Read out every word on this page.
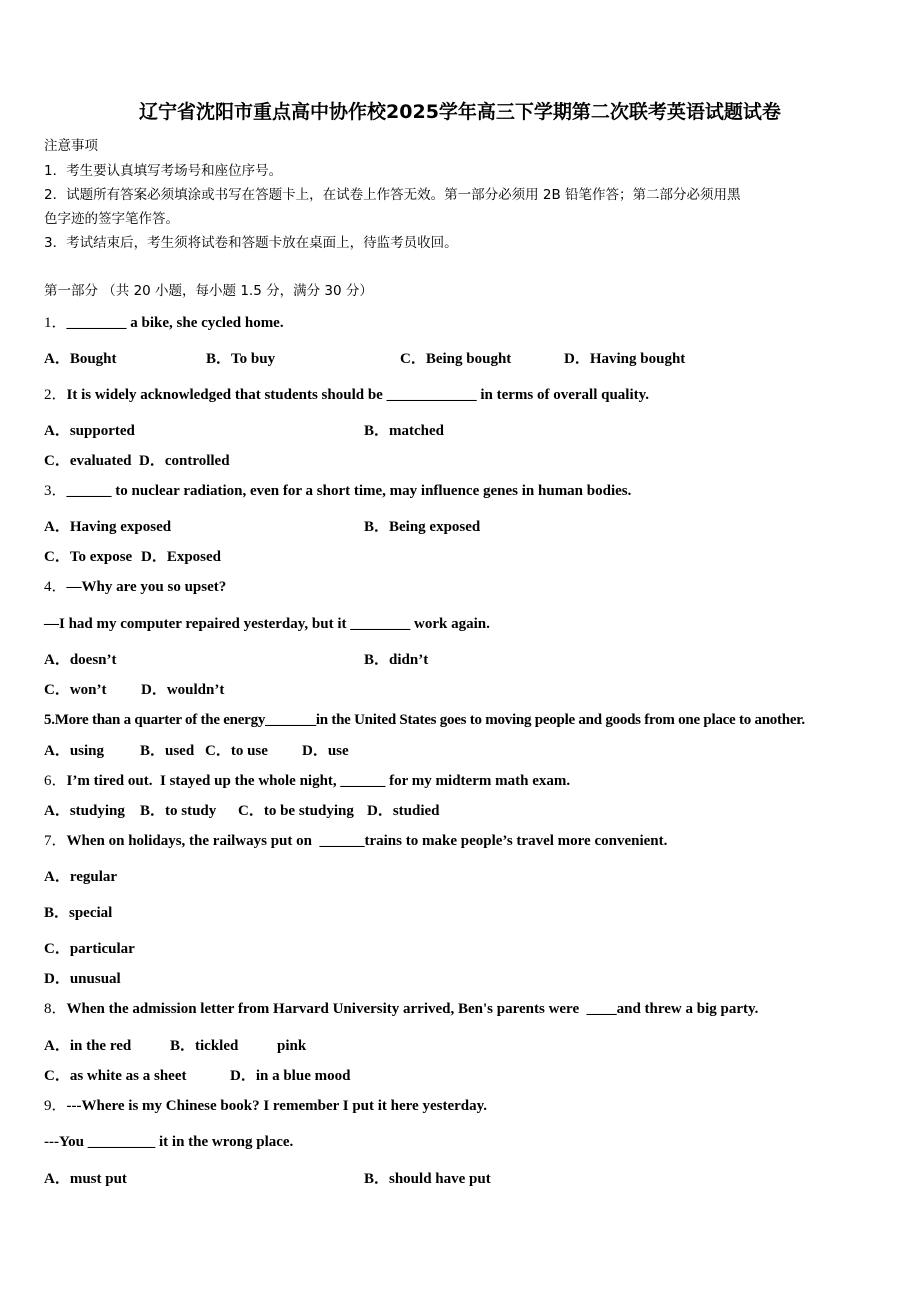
辽宁省沈阳市重点高中协作校2025学年高三下学期第二次联考英语试题试卷
注意事项
1．考生要认真填写考场号和座位序号。
2．试题所有答案必须填涂或书写在答题卡上，在试卷上作答无效。第一部分必须用 2B 铅笔作答；第二部分必须用黑
色字迹的签字笔作答。
3．考试结束后，考生须将试卷和答题卡放在桌面上，待监考员收回。
第一部分 （共 20 小题，每小题 1.5 分，满分 30 分）
1．________ a bike, she cycled home.
A．Bought	B．To buy	C．Being bought	D．Having bought
2．It is widely acknowledged that students should be ____________ in terms of overall quality.
A．supported	B．matched
C．evaluated D．controlled
3．______ to nuclear radiation, even for a short time, may influence genes in human bodies.
A．Having exposed	B．Being exposed
C．To expose D．Exposed
4．—Why are you so upset?
—I had my computer repaired yesterday, but it ________ work again.
A．doesn’t	B．didn’t
C．won’t D．wouldn’t
5.More than a quarter of the energy_______in the United States goes to moving people and goods from one place to another.
A．using B．used C．to use D．use
6．I’m tired out.  I stayed up the whole night, ______ for my midterm math exam.
A．studying B．to study C．to be studying D．studied
7．When on holidays, the railways put on  ______trains to make people’s travel more convenient.
A．regular
B．special
C．particular
D．unusual
8．When the admission letter from Harvard University arrived, Ben's parents were  ____and threw a big party.
A．in the red	B．tickled	pink
C．as white as a sheet	D．in a blue mood
9．---Where is my Chinese book? I remember I put it here yesterday.
---You _________ it in the wrong place.
A．must put	B．should have put
